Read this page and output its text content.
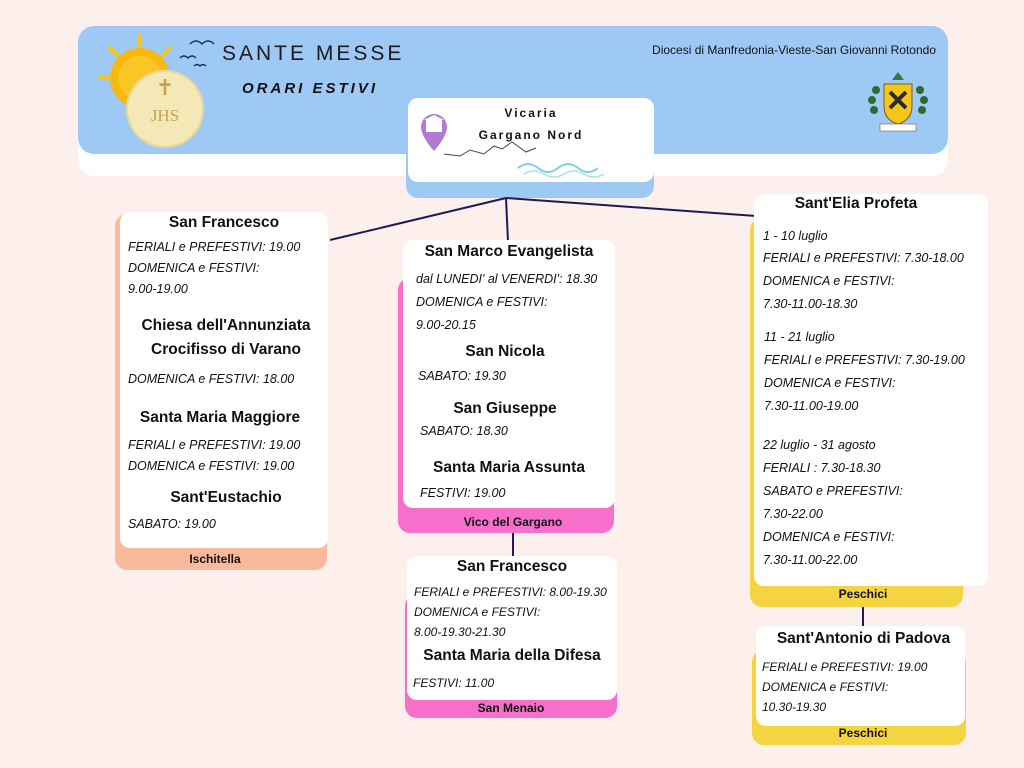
✝
JHS
SANTE MESSE
ORARI ESTIVI
Diocesi di Manfredonia-Vieste-San Giovanni Rotondo
Vicaria
Gargano Nord
Ischitella
San Francesco
FERIALI e PREFESTIVI: 19.00
DOMENICA e FESTIVI:
9.00-19.00
Chiesa dell'Annunziata
Crocifisso di Varano
DOMENICA e FESTIVI: 18.00
Santa Maria Maggiore
FERIALI e PREFESTIVI: 19.00
DOMENICA e FESTIVI: 19.00
Sant'Eustachio
SABATO: 19.00	Vico del Gargano
San Marco Evangelista
dal LUNEDI' al VENERDI': 18.30
DOMENICA e FESTIVI:
9.00-20.15
San Nicola
SABATO: 19.30
San Giuseppe
SABATO: 18.30
Santa Maria Assunta
FESTIVI: 19.00
San Menaio
San Francesco
FERIALI e PREFESTIVI: 8.00-19.30
DOMENICA e FESTIVI:
8.00-19.30-21.30
Santa Maria della Difesa
FESTIVI: 11.00
Peschici
Sant'Elia Profeta
1 - 10 luglio
FERIALI e PREFESTIVI: 7.30-18.00
DOMENICA e FESTIVI:
7.30-11.00-18.30
11 - 21 luglio
FERIALI e PREFESTIVI: 7.30-19.00
DOMENICA e FESTIVI:
7.30-11.00-19.00
22 luglio - 31 agosto
FERIALI : 7.30-18.30
SABATO e PREFESTIVI:
7.30-22.00
DOMENICA e FESTIVI:
7.30-11.00-22.00
Peschici
Sant'Antonio di Padova
FERIALI e PREFESTIVI: 19.00
DOMENICA e FESTIVI:
10.30-19.30
